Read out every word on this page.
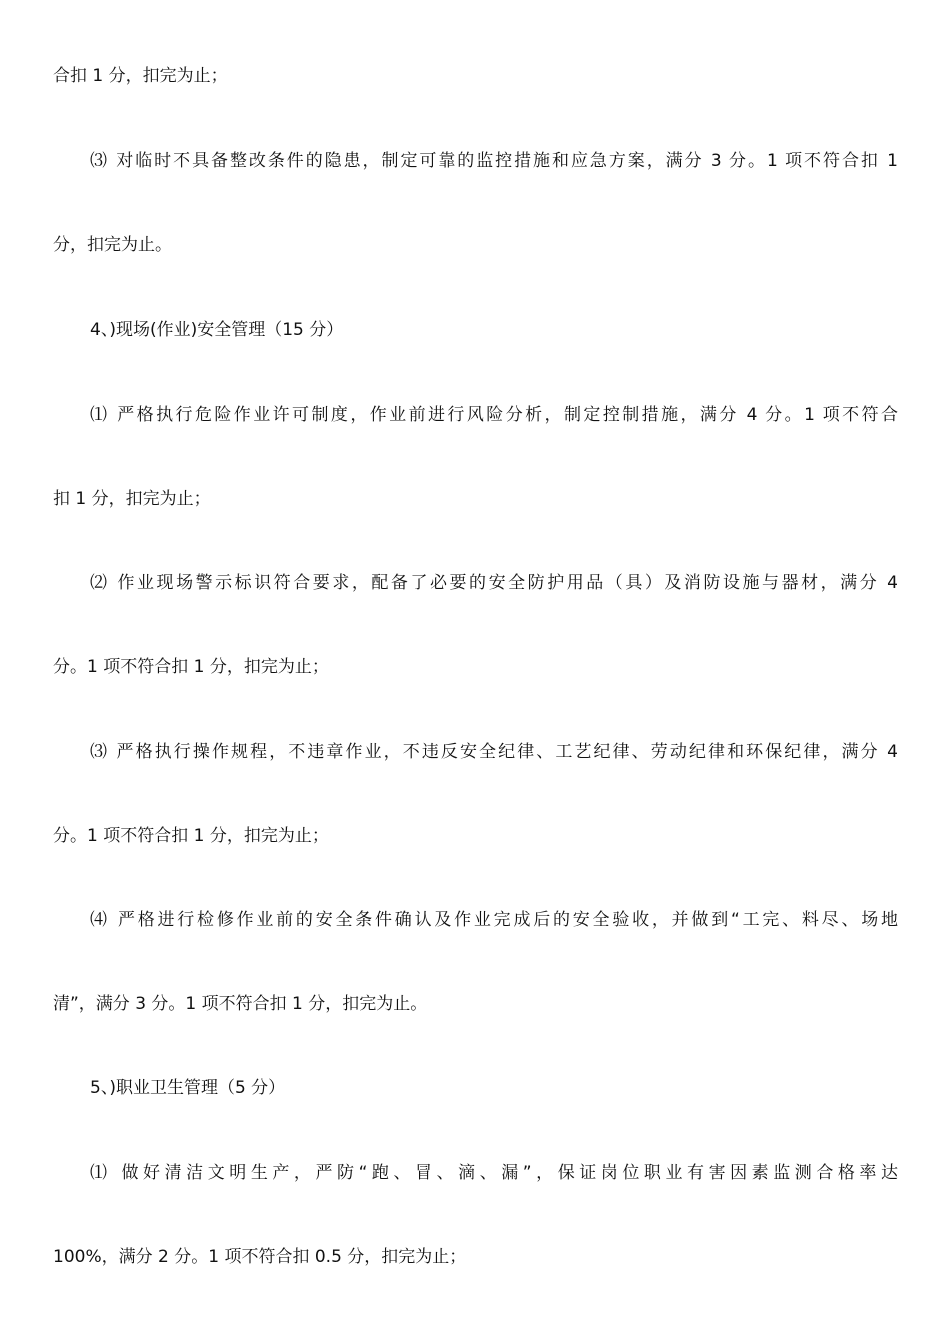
合扣 1 分，扣完为止；
⑶ 对临时不具备整改条件的隐患，制定可靠的监控措施和应急方案，满分 3 分。1 项不符合扣 1
分，扣完为止。
4、)现场(作业)安全管理（15 分）
⑴ 严格执行危险作业许可制度，作业前进行风险分析，制定控制措施，满分 4 分。1 项不符合
扣 1 分，扣完为止；
⑵ 作业现场警示标识符合要求，配备了必要的安全防护用品（具）及消防设施与器材，满分 4
分。1 项不符合扣 1 分，扣完为止；
⑶ 严格执行操作规程，不违章作业，不违反安全纪律、工艺纪律、劳动纪律和环保纪律，满分 4
分。1 项不符合扣 1 分，扣完为止；
⑷ 严格进行检修作业前的安全条件确认及作业完成后的安全验收，并做到“工完、料尽、场地
清”，满分 3 分。1 项不符合扣 1 分，扣完为止。
5、)职业卫生管理（5 分）
⑴ 做好清洁文明生产，严防“跑、冒、滴、漏”，保证岗位职业有害因素监测合格率达
100%，满分 2 分。1 项不符合扣 0.5 分，扣完为止；
